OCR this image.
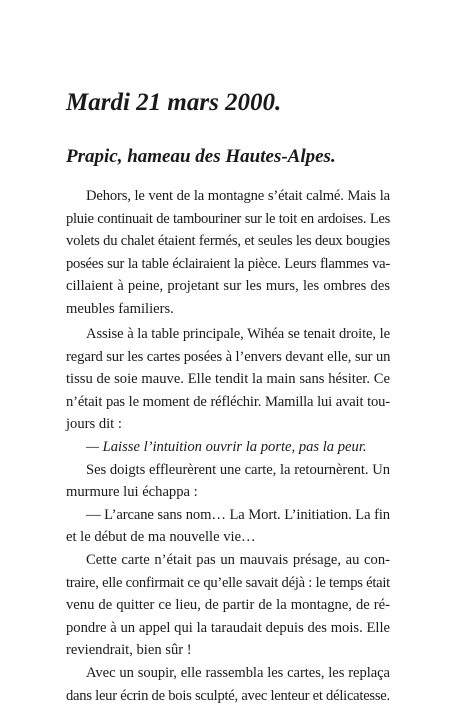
Mardi 21 mars 2000.
Prapic, hameau des Hautes-Alpes.
Dehors, le vent de la montagne s’était calmé. Mais la
pluie continuait de tambouriner sur le toit en ardoises. Les
volets du chalet étaient fermés, et seules les deux bougies
posées sur la table éclairaient la pièce. Leurs flammes va-
cillaient à peine, projetant sur les murs, les ombres des
meubles familiers.
Assise à la table principale, Wihéa se tenait droite, le
regard sur les cartes posées à l’envers devant elle, sur un
tissu de soie mauve. Elle tendit la main sans hésiter. Ce
n’était pas le moment de réfléchir. Mamilla lui avait tou-
jours dit :
— Laisse l’intuition ouvrir la porte, pas la peur.
Ses doigts effleurèrent une carte, la retournèrent. Un
murmure lui échappa :
— L’arcane sans nom… La Mort. L’initiation. La fin
et le début de ma nouvelle vie…
Cette carte n’était pas un mauvais présage, au con-
traire, elle confirmait ce qu’elle savait déjà : le temps était
venu de quitter ce lieu, de partir de la montagne, de ré-
pondre à un appel qui la taraudait depuis des mois. Elle
reviendrait, bien sûr !
Avec un soupir, elle rassembla les cartes, les replaça
dans leur écrin de bois sculpté, avec lenteur et délicatesse.
